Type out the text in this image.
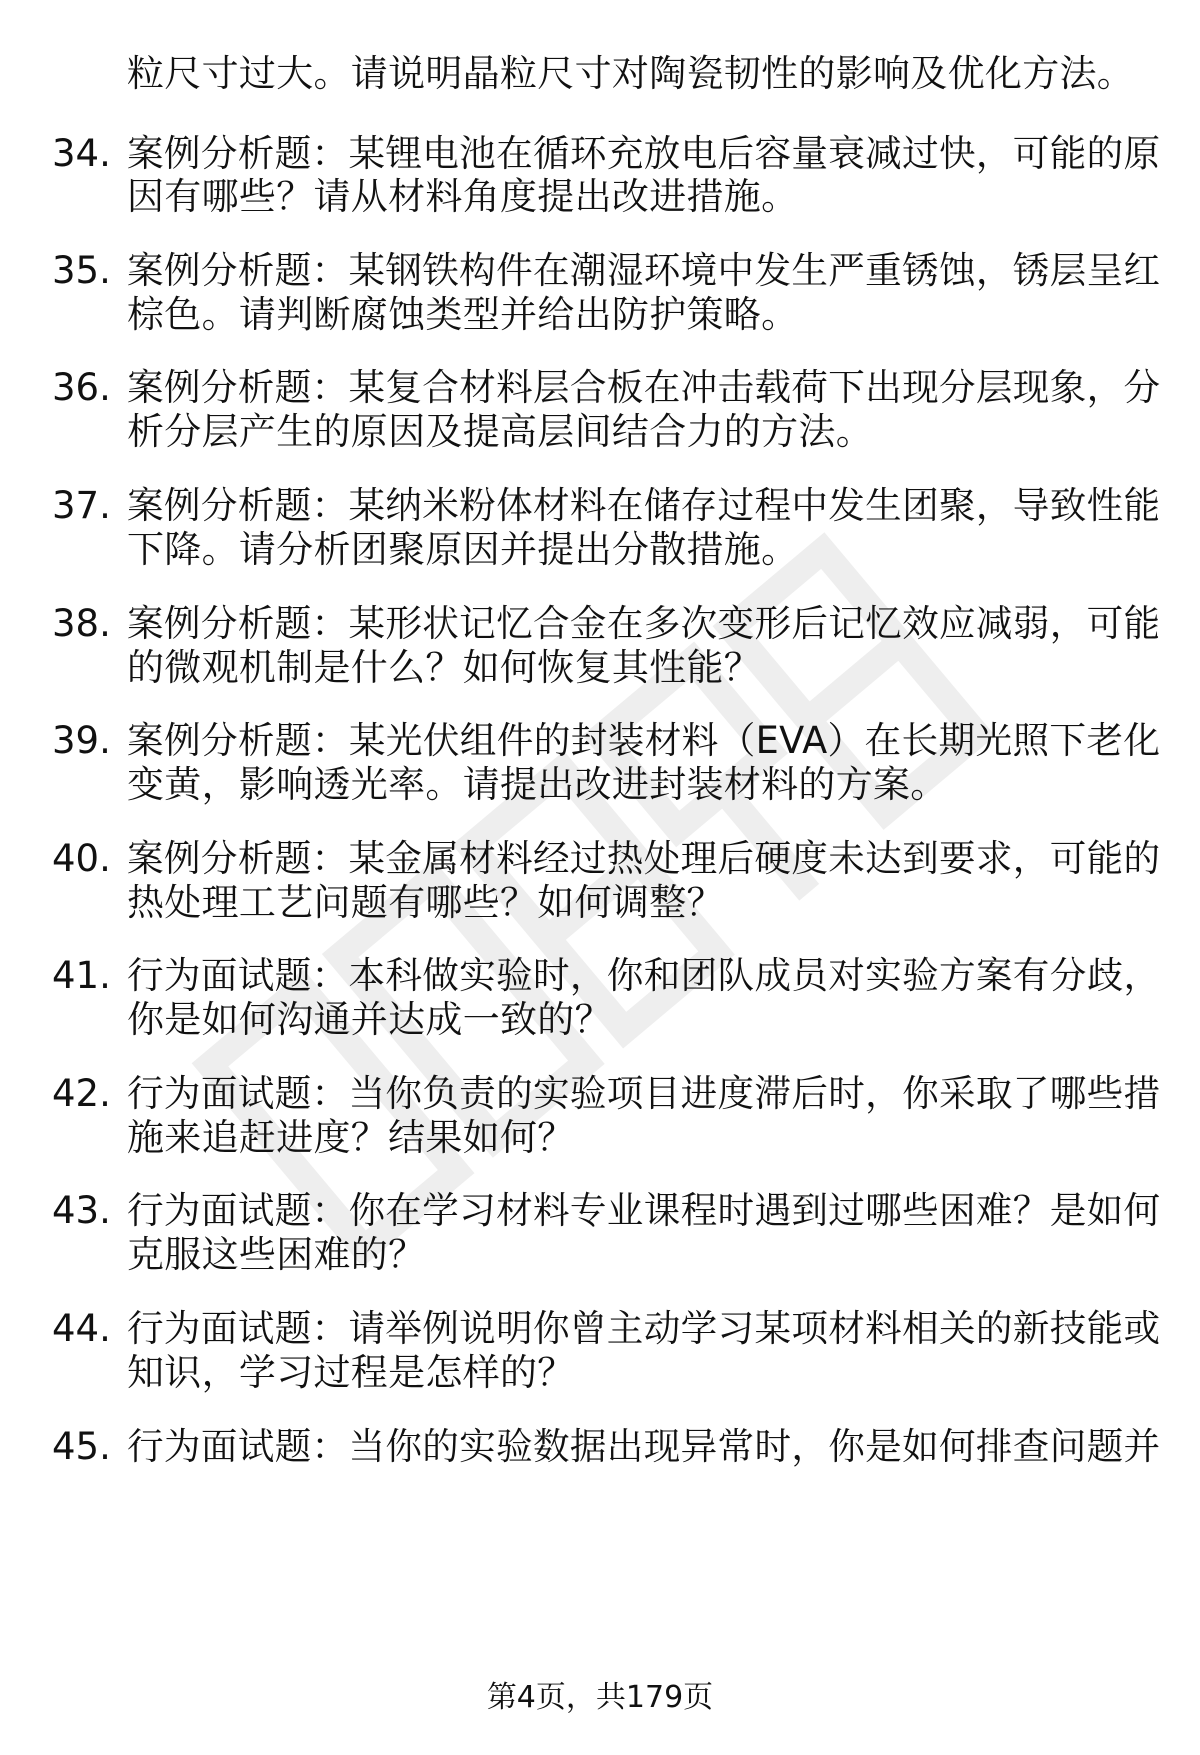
粒尺寸过大。请说明晶粒尺寸对陶瓷韧性的影响及优化方法。
34. 案例分析题：某锂电池在循环充放电后容量衰减过快，可能的原
因有哪些？请从材料角度提出改进措施。
35. 案例分析题：某钢铁构件在潮湿环境中发生严重锈蚀，锈层呈红
棕色。请判断腐蚀类型并给出防护策略。
36. 案例分析题：某复合材料层合板在冲击载荷下出现分层现象，分
析分层产生的原因及提高层间结合力的方法。
37. 案例分析题：某纳米粉体材料在储存过程中发生团聚，导致性能
下降。请分析团聚原因并提出分散措施。
38. 案例分析题：某形状记忆合金在多次变形后记忆效应减弱，可能
的微观机制是什么？如何恢复其性能？
39. 案例分析题：某光伏组件的封装材料（EVA）在长期光照下老化
变黄，影响透光率。请提出改进封装材料的方案。
40. 案例分析题：某金属材料经过热处理后硬度未达到要求，可能的
热处理工艺问题有哪些？如何调整？
41. 行为面试题：本科做实验时，你和团队成员对实验方案有分歧，
你是如何沟通并达成一致的？
42. 行为面试题：当你负责的实验项目进度滞后时，你采取了哪些措
施来追赶进度？结果如何？
43. 行为面试题：你在学习材料专业课程时遇到过哪些困难？是如何
克服这些困难的？
44. 行为面试题：请举例说明你曾主动学习某项材料相关的新技能或
知识，学习过程是怎样的？
45. 行为面试题：当你的实验数据出现异常时，你是如何排查问题并
第4页，共179页
